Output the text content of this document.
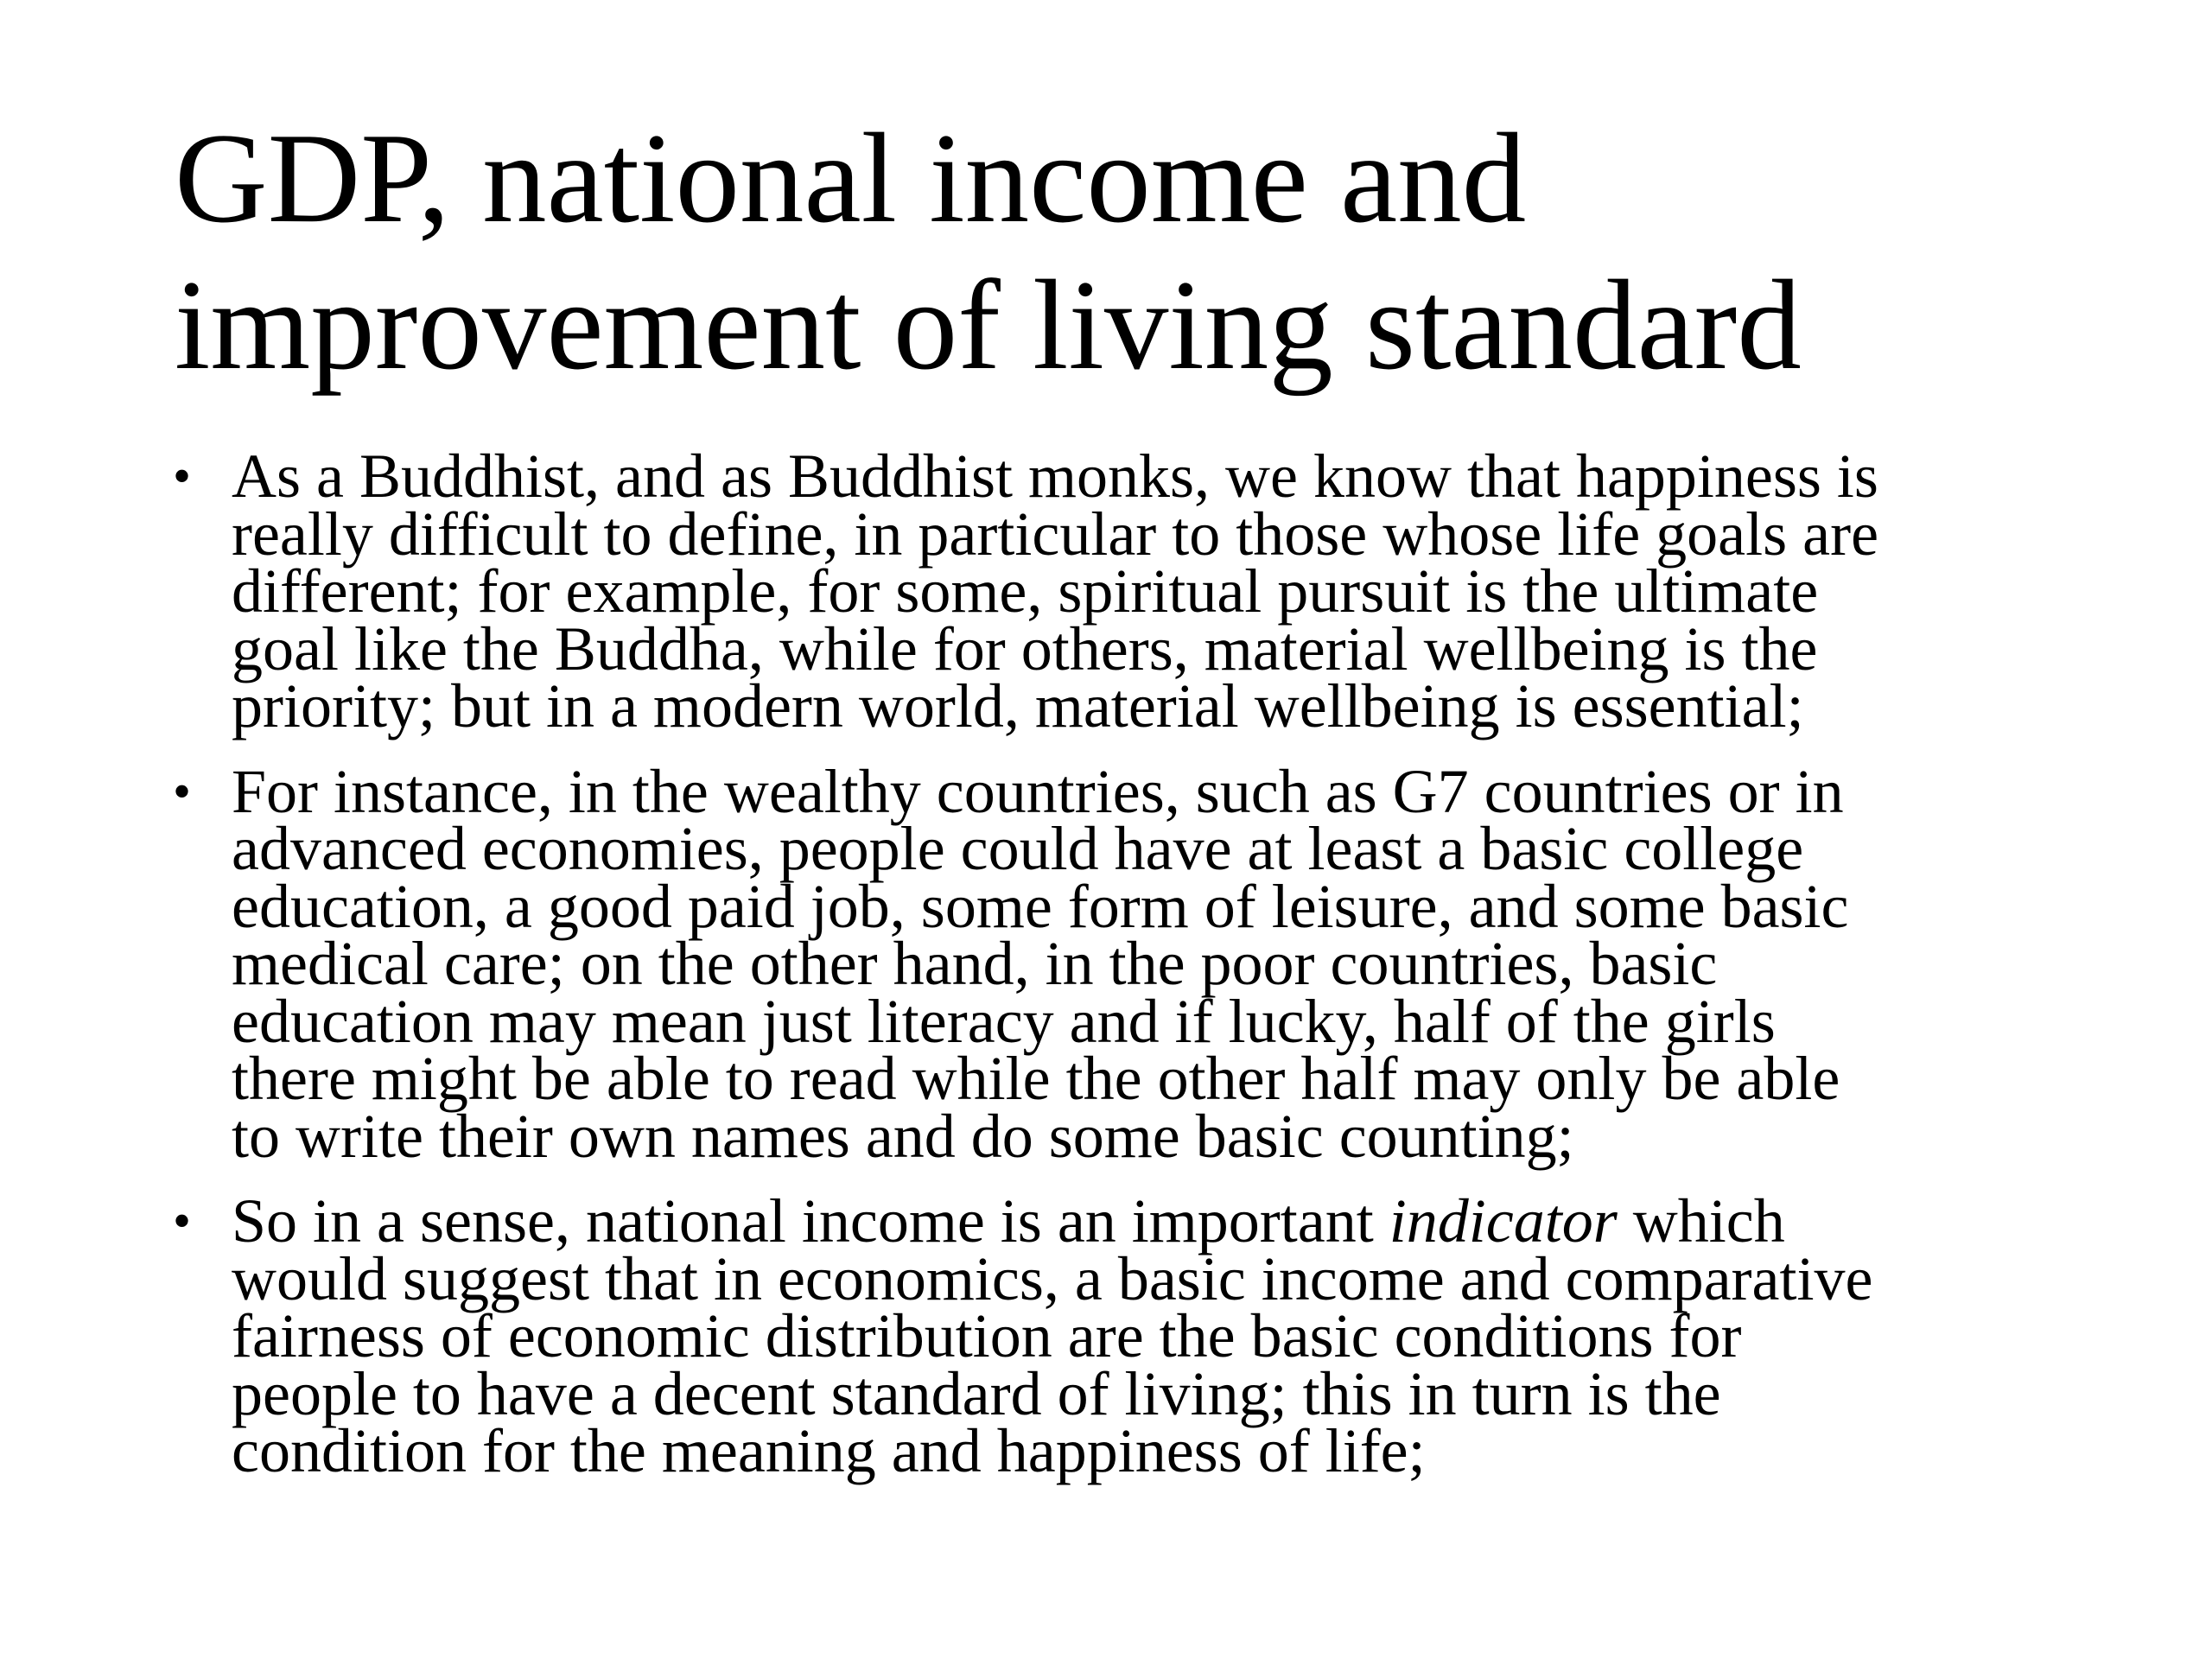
GDP, national income and
improvement of living standard
• As a Buddhist, and as Buddhist monks, we know that happiness is
really difficult to define, in particular to those whose life goals are
different; for example, for some, spiritual pursuit is the ultimate
goal like the Buddha, while for others, material wellbeing is the
priority; but in a modern world, material wellbeing is essential;
• For instance, in the wealthy countries, such as G7 countries or in
advanced economies, people could have at least a basic college
education, a good paid job, some form of leisure, and some basic
medical care; on the other hand, in the poor countries, basic
education may mean just literacy and if lucky, half of the girls
there might be able to read while the other half may only be able
to write their own names and do some basic counting;
• So in a sense, national income is an important indicator which
would suggest that in economics, a basic income and comparative
fairness of economic distribution are the basic conditions for
people to have a decent standard of living; this in turn is the
condition for the meaning and happiness of life;
